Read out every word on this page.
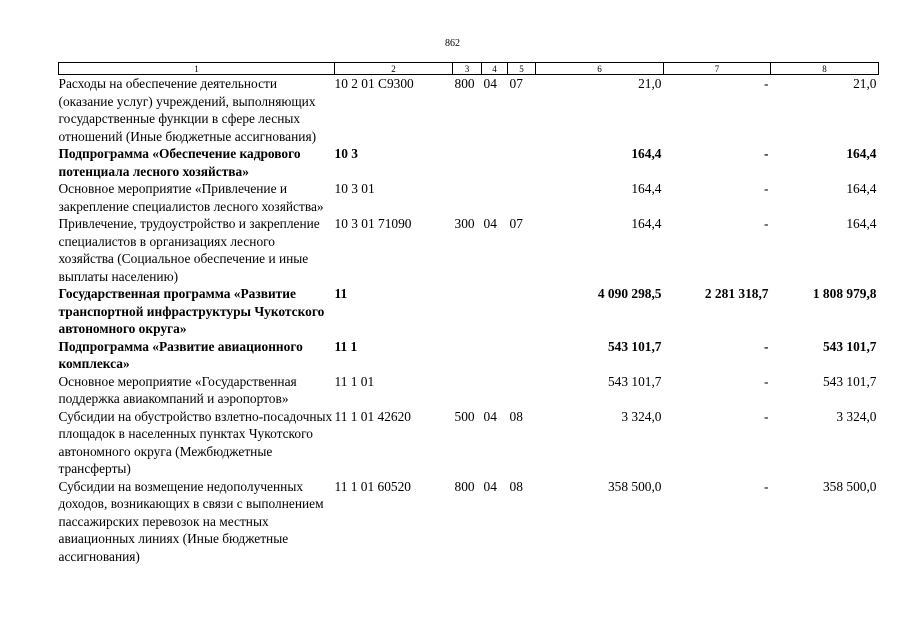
862
1	2	3	4	5	6	7	8
Расходы на обеспечение деятельности (оказание услуг) учреждений, выполняющих государственные функции в сфере лесных отношений (Иные бюджетные ассигнования)	10 2 01 С9300	800	04	07	21,0	-	21,0
Подпрограмма «Обеспечение кадрового потенциала лесного хозяйства»	10 3				164,4	-	164,4
Основное мероприятие «Привлечение и закрепление специалистов лесного хозяйства»	10 3 01				164,4	-	164,4
Привлечение, трудоустройство и закрепление специалистов в организациях лесного хозяйства (Социальное обеспечение и иные выплаты населению)	10 3 01 71090	300	04	07	164,4	-	164,4
Государственная программа «Развитие транспортной инфраструктуры Чукотского автономного округа»	11				4 090 298,5	2 281 318,7	1 808 979,8
Подпрограмма «Развитие авиационного комплекса»	11 1				543 101,7	-	543 101,7
Основное мероприятие «Государственная поддержка авиакомпаний и аэропортов»	11 1 01				543 101,7	-	543 101,7
Субсидии на обустройство взлетно-посадочных площадок в населенных пунктах Чукотского автономного округа (Межбюджетные трансферты)	11 1 01 42620	500	04	08	3 324,0	-	3 324,0
Субсидии на возмещение недополученных доходов, возникающих в связи с выполнением пассажирских перевозок на местных авиационных линиях (Иные бюджетные ассигнования)	11 1 01 60520	800	04	08	358 500,0	-	358 500,0
